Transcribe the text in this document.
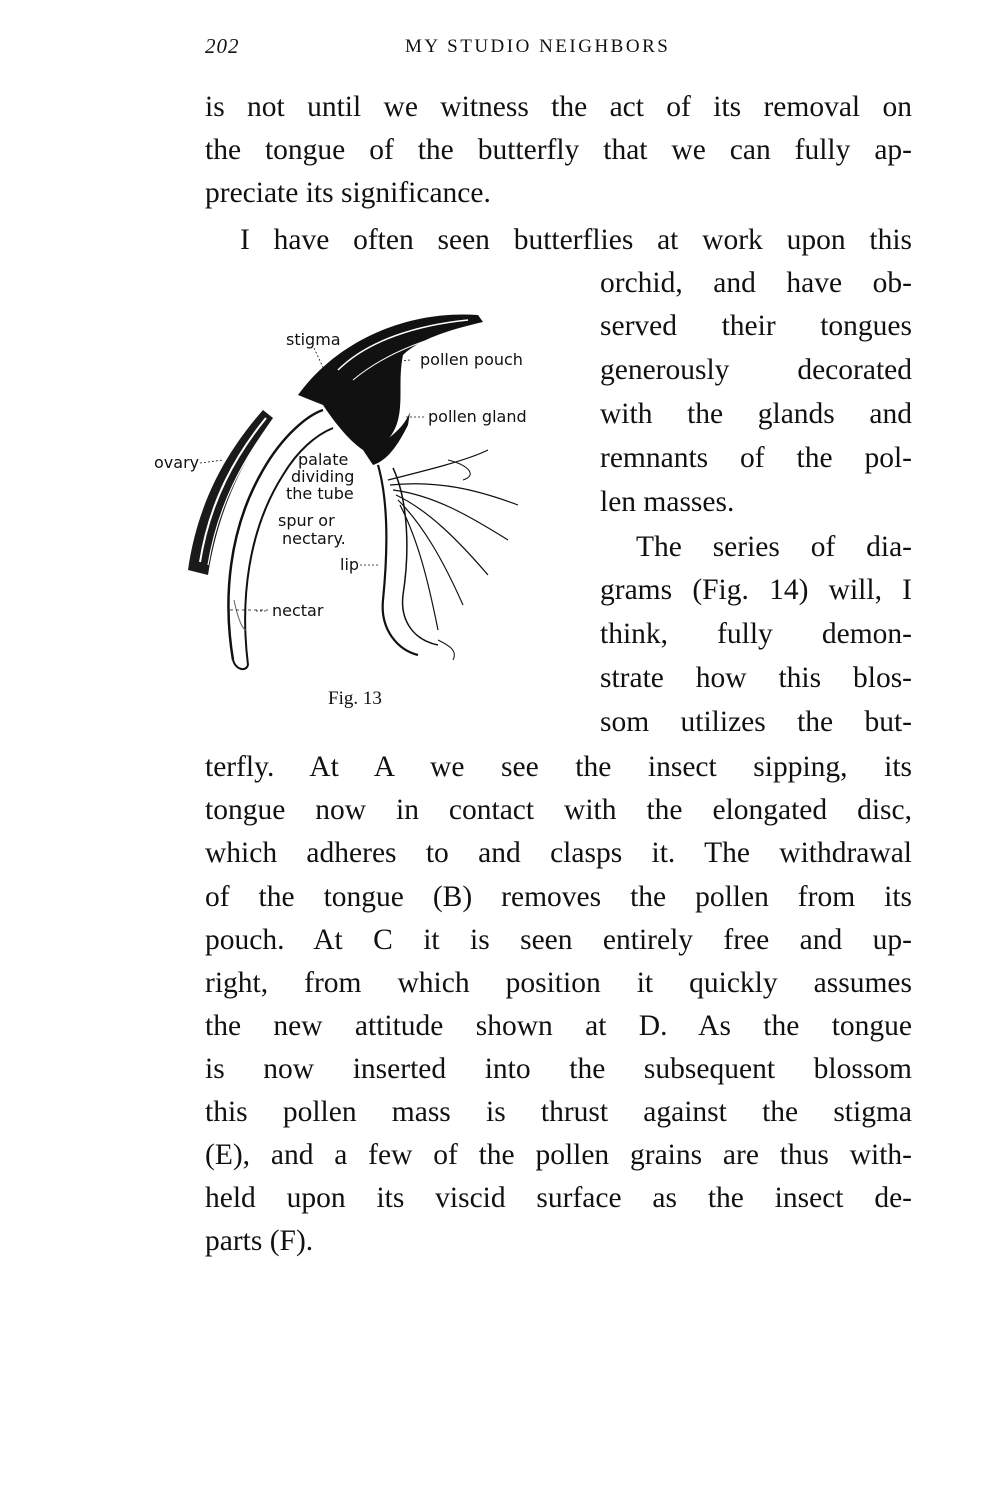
202	MY STUDIO NEIGHBORS
is not until we witness the act of its removal on
the tongue of the butterfly that we can fully ap-
preciate its significance.
I have often seen butterflies at work upon this
orchid, and have ob-
served their tongues
generously decorated
with the glands and
remnants of the pol-
len masses.
The series of dia-
grams (Fig. 14) will, I
think, fully demon-
strate how this blos-
som utilizes the but-
terfly. At A we see the insect sipping, its
tongue now in contact with the elongated disc,
which adheres to and clasps it. The withdrawal
of the tongue (B) removes the pollen from its
pouch. At C it is seen entirely free and up-
right, from which position it quickly assumes
the new attitude shown at D. As the tongue
is now inserted into the subsequent blossom
this pollen mass is thrust against the stigma
(E), and a few of the pollen grains are thus with-
held upon its viscid surface as the insect de-
parts (F).
stigma
pollen pouch
pollen gland
ovary	palate
dividing
the tube
spur or
nectary.
lip
nectar
Fig. 13
